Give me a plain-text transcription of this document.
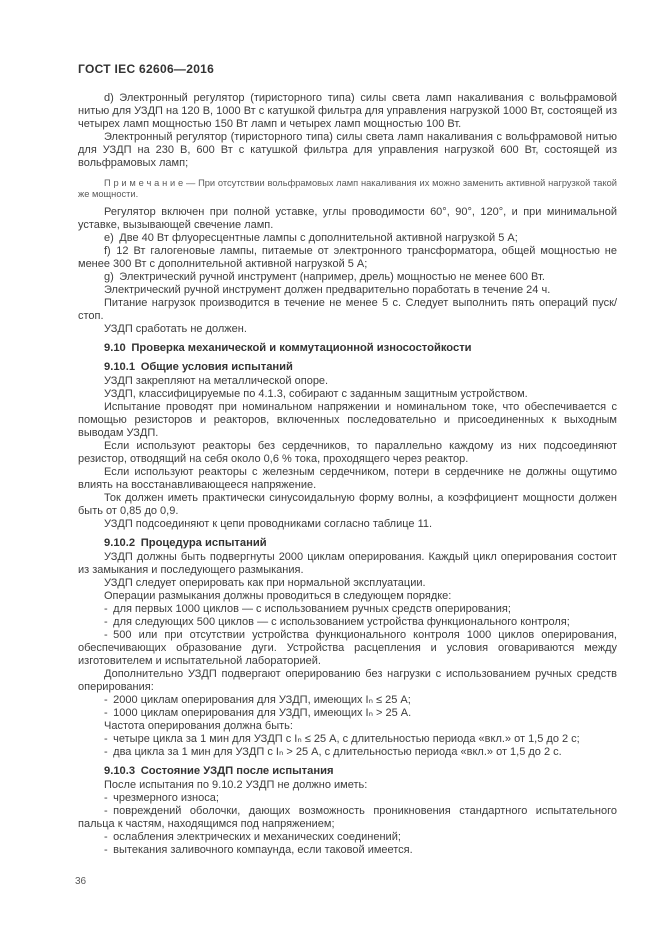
ГОСТ IEC 62606—2016

d) Электронный регулятор (тиристорного типа) силы света ламп накаливания с вольфрамовой нитью для УЗДП на 120 В, 1000 Вт с катушкой фильтра для управления нагрузкой 1000 Вт, состоящей из четырех ламп мощностью 150 Вт ламп и четырех ламп мощностью 100 Вт.

Электронный регулятор (тиристорного типа) силы света ламп накаливания с вольфрамовой нитью для УЗДП на 230 В, 600 Вт с катушкой фильтра для управления нагрузкой 600 Вт, состоящей из вольфрамовых ламп;

П р и м е ч а н и е — При отсутствии вольфрамовых ламп накаливания их можно заменить активной нагрузкой такой же мощности.

Регулятор включен при полной уставке, углы проводимости 60°, 90°, 120°, и при минимальной уставке, вызывающей свечение ламп.

e) Две 40 Вт флуоресцентные лампы с дополнительной активной нагрузкой 5 А;

f) 12 Вт галогеновые лампы, питаемые от электронного трансформатора, общей мощностью не менее 300 Вт с дополнительной активной нагрузкой 5 А;

g) Электрический ручной инструмент (например, дрель) мощностью не менее 600 Вт.

Электрический ручной инструмент должен предварительно поработать в течение 24 ч.

Питание нагрузок производится в течение не менее 5 с. Следует выполнить пять операций пуск/стоп.

УЗДП сработать не должен.

9.10 Проверка механической и коммутационной износостойкости

9.10.1 Общие условия испытаний

УЗДП закрепляют на металлической опоре.

УЗДП, классифицируемые по 4.1.3, собирают с заданным защитным устройством.

Испытание проводят при номинальном напряжении и номинальном токе, что обеспечивается с помощью резисторов и реакторов, включенных последовательно и присоединенных к выходным выводам УЗДП.

Если используют реакторы без сердечников, то параллельно каждому из них подсоединяют резистор, отводящий на себя около 0,6 % тока, проходящего через реактор.

Если используют реакторы с железным сердечником, потери в сердечнике не должны ощутимо влиять на восстанавливающееся напряжение.

Ток должен иметь практически синусоидальную форму волны, а коэффициент мощности должен быть от 0,85 до 0,9.

УЗДП подсоединяют к цепи проводниками согласно таблице 11.

9.10.2 Процедура испытаний

УЗДП должны быть подвергнуты 2000 циклам оперирования. Каждый цикл оперирования состоит из замыкания и последующего размыкания.

УЗДП следует оперировать как при нормальной эксплуатации.

Операции размыкания должны проводиться в следующем порядке:

- для первых 1000 циклов — с использованием ручных средств оперирования;

- для следующих 500 циклов — с использованием устройства функционального контроля;

- 500 или при отсутствии устройства функционального контроля 1000 циклов оперирования, обеспечивающих образование дуги. Устройства расцепления и условия оговариваются между изготовителем и испытательной лабораторией.

Дополнительно УЗДП подвергают оперированию без нагрузки с использованием ручных средств оперирования:

- 2000 циклам оперирования для УЗДП, имеющих Iₙ ≤ 25 А;

- 1000 циклам оперирования для УЗДП, имеющих Iₙ > 25 А.

Частота оперирования должна быть:

- четыре цикла за 1 мин для УЗДП с Iₙ ≤ 25 А, с длительностью периода «вкл.» от 1,5 до 2 с;

- два цикла за 1 мин для УЗДП с Iₙ > 25 А, с длительностью периода «вкл.» от 1,5 до 2 с.

9.10.3 Состояние УЗДП после испытания

После испытания по 9.10.2 УЗДП не должно иметь:

- чрезмерного износа;

- повреждений оболочки, дающих возможность проникновения стандартного испытательного пальца к частям, находящимся под напряжением;

- ослабления электрических и механических соединений;

- вытекания заливочного компаунда, если таковой имеется.

36
